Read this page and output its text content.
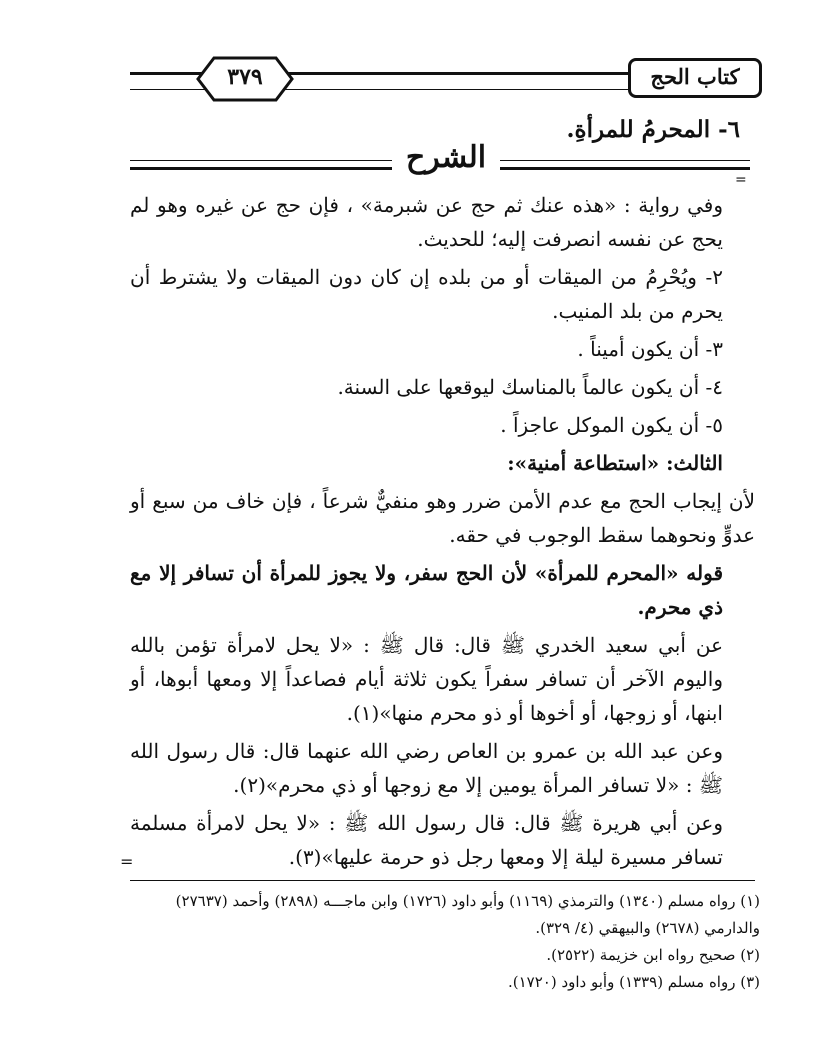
٣٧٩	كتاب الحج
٦- المحرمُ للمرأةِ.
الشرح
=

وفي رواية : «هذه عنك ثم حج عن شبرمة» ، فإن حج عن غيره وهو لم يحج عن نفسه انصرفت إليه؛ للحديث.

٢- ويُحْرِمُ من الميقات أو من بلده إن كان دون الميقات ولا يشترط أن يحرم من بلد المنيب.

٣- أن يكون أميناً .

٤- أن يكون عالماً بالمناسك ليوقعها على السنة.

٥- أن يكون الموكل عاجزاً .

الثالث: «استطاعة أمنية»:

لأن إيجاب الحج مع عدم الأمن ضرر وهو منفيٌّ شرعاً ، فإن خاف من سبع أو عدوٍّ ونحوهما سقط الوجوب في حقه.

قوله «المحرم للمرأة» لأن الحج سفر، ولا يجوز للمرأة أن تسافر إلا مع ذي محرم.

عن أبي سعيد الخدري ﷺ قال: قال ﷺ : «لا يحل لامرأة تؤمن بالله واليوم الآخر أن تسافر سفراً يكون ثلاثة أيام فصاعداً إلا ومعها أبوها، أو ابنها، أو زوجها، أو أخوها أو ذو محرم منها»(١).

وعن عبد الله بن عمرو بن العاص رضي الله عنهما قال: قال رسول الله ﷺ : «لا تسافر المرأة يومين إلا مع زوجها أو ذي محرم»(٢).

وعن أبي هريرة ﷺ قال: قال رسول الله ﷺ : «لا يحل لامرأة مسلمة تسافر مسيرة ليلة إلا ومعها رجل ذو حرمة عليها»(٣).

=

(١) رواه مسلم (١٣٤٠) والترمذي (١١٦٩) وأبو داود (١٧٢٦) وابن ماجـــه (٢٨٩٨) وأحمد (٢٧٦٣٧) والدارمي (٢٦٧٨) والبيهقي (٤/ ٣٢٩).

(٢) صحيح رواه ابن خزيمة (٢٥٢٢).

(٣) رواه مسلم (١٣٣٩) وأبو داود (١٧٢٠).
